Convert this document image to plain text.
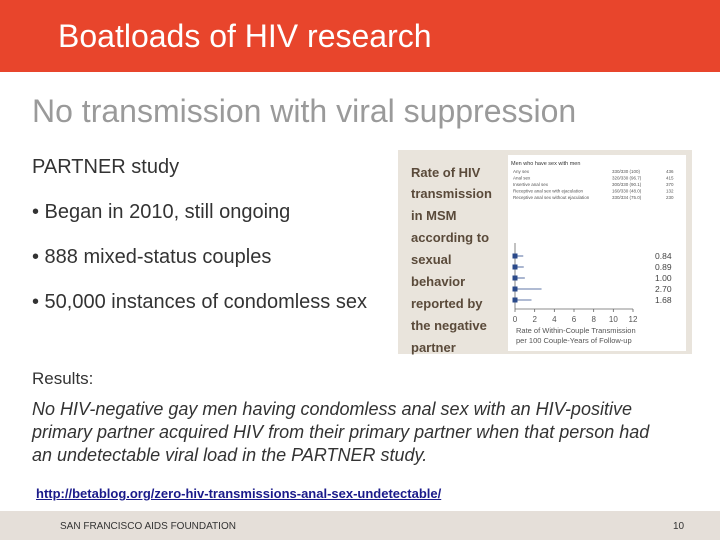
Boatloads of HIV research
No transmission with viral suppression
PARTNER study
• Began in 2010, still ongoing
• 888 mixed-status couples
• 50,000 instances of condomless sex
Rate of HIV
transmission
in MSM
according to
sexual
behavior
reported by
the negative
partner
Men who have sex with men
Any sex	330/330 (100)	436
Anal sex	320/330 (96.7)	415
Insertive anal sex	300/330 (90.1)	370
Receptive anal sex with ejaculation	160/330 (48.0)	132
Receptive anal sex without ejaculation	330/334 (75.0)	230
0 2 4 6 8 10 12
Rate of Within-Couple Transmission
per 100 Couple-Years of Follow-up
0.84
0.89
1.00
2.70
1.68
Results:
No HIV-negative gay men having condomless anal sex with an HIV-positive primary partner acquired HIV from their primary partner when that person had an undetectable viral load in the PARTNER study.
http://betablog.org/zero-hiv-transmissions-anal-sex-undetectable/
SAN FRANCISCO AIDS FOUNDATION	10
